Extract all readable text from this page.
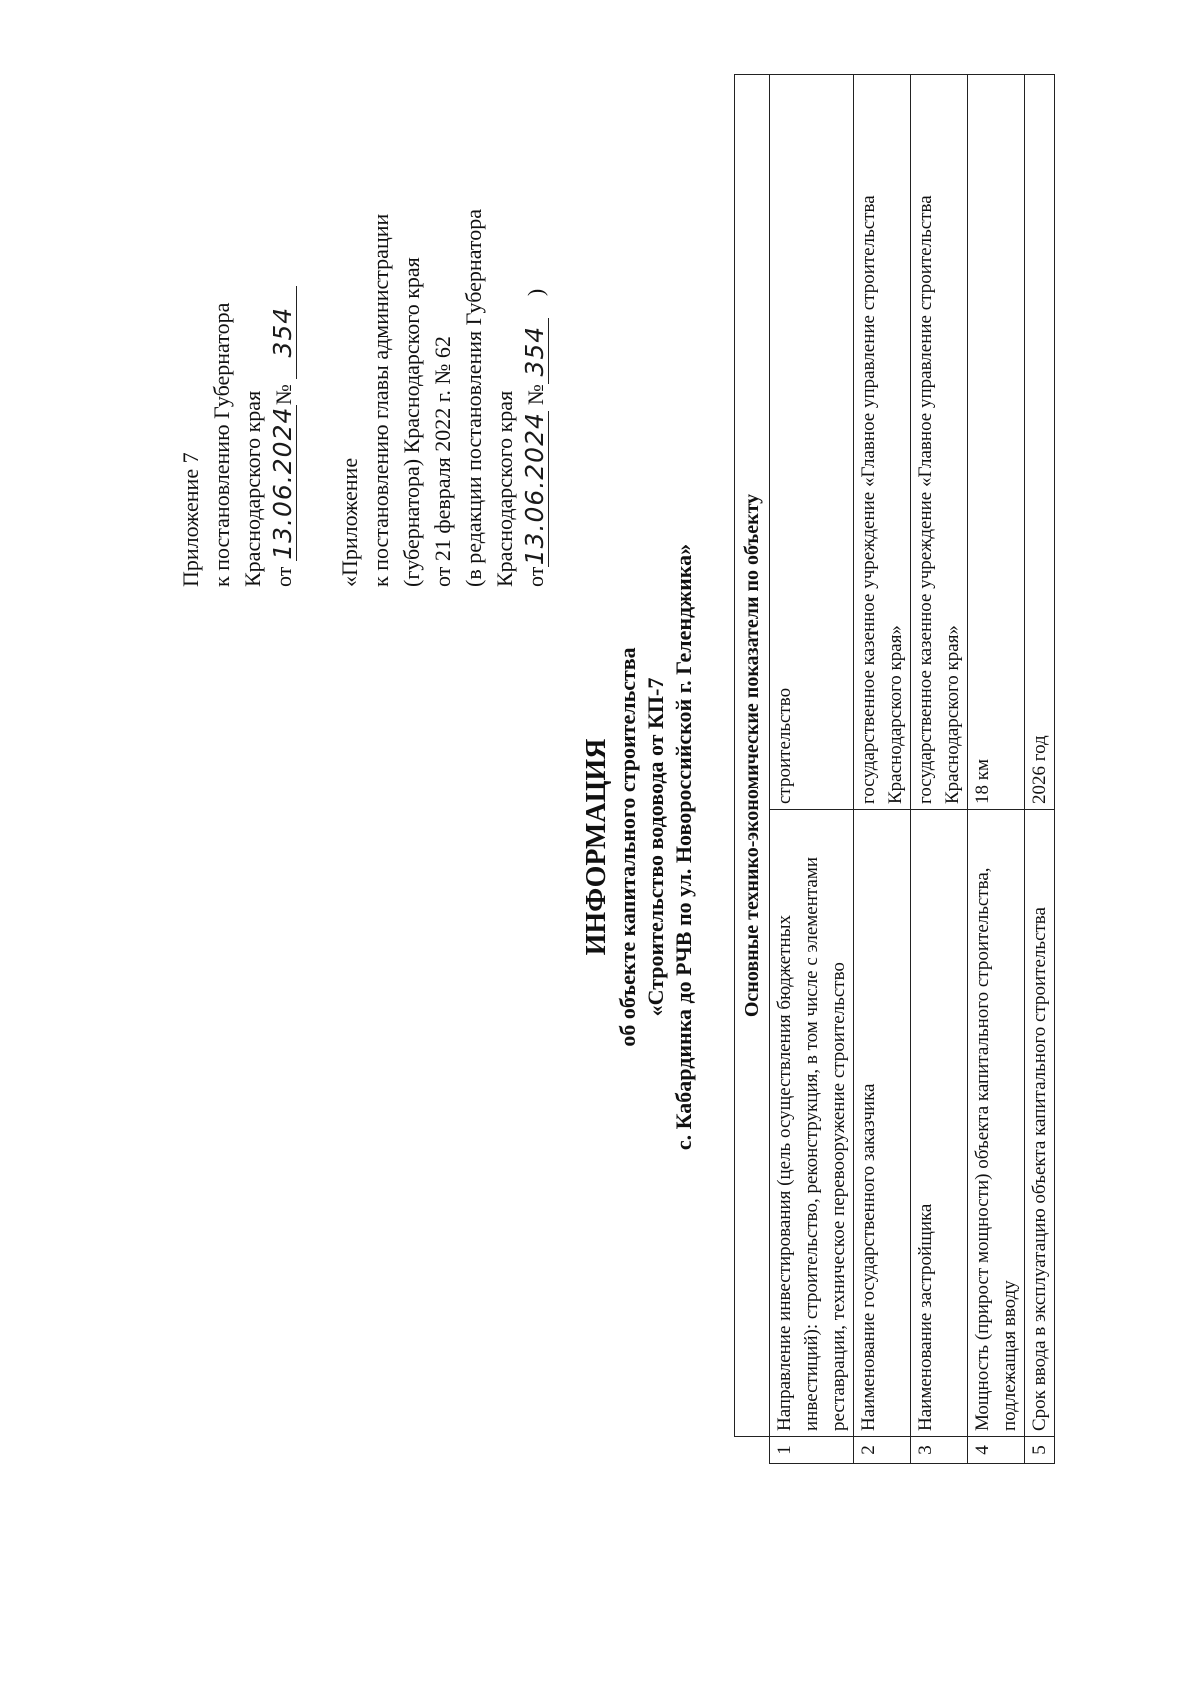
Приложение 7 к постановлению Губернатора Краснодарского края от 13.06.2024№ 354
«Приложение к постановлению главы администрации (губернатора) Краснодарского края от 21 февраля 2022 г. № 62 (в редакции постановления Губернатора Краснодарского края от13.06.2024 №354)
ИНФОРМАЦИЯ об объекте капитального строительства «Строительство водовода от КП-7 с. Кабардинка до РЧВ по ул. Новороссийской г. Геленджика»
	Основные технико-экономические показатели по объекту	
1	Направление инвестирования (цель осуществления бюджетных инвестиций): строительство, реконструкция, в том числе с элементами реставрации, техническое перевооружение строительство	строительство
2	Наименование государственного заказчика	государственное казенное учреждение «Главное управление строительства Краснодарского края»
3	Наименование застройщика	государственное казенное учреждение «Главное управление строительства Краснодарского края»
4	Мощность (прирост мощности) объекта капитального строительства, подлежащая вводу	18 км
5	Срок ввода в эксплуатацию объекта капитального строительства	2026 год
